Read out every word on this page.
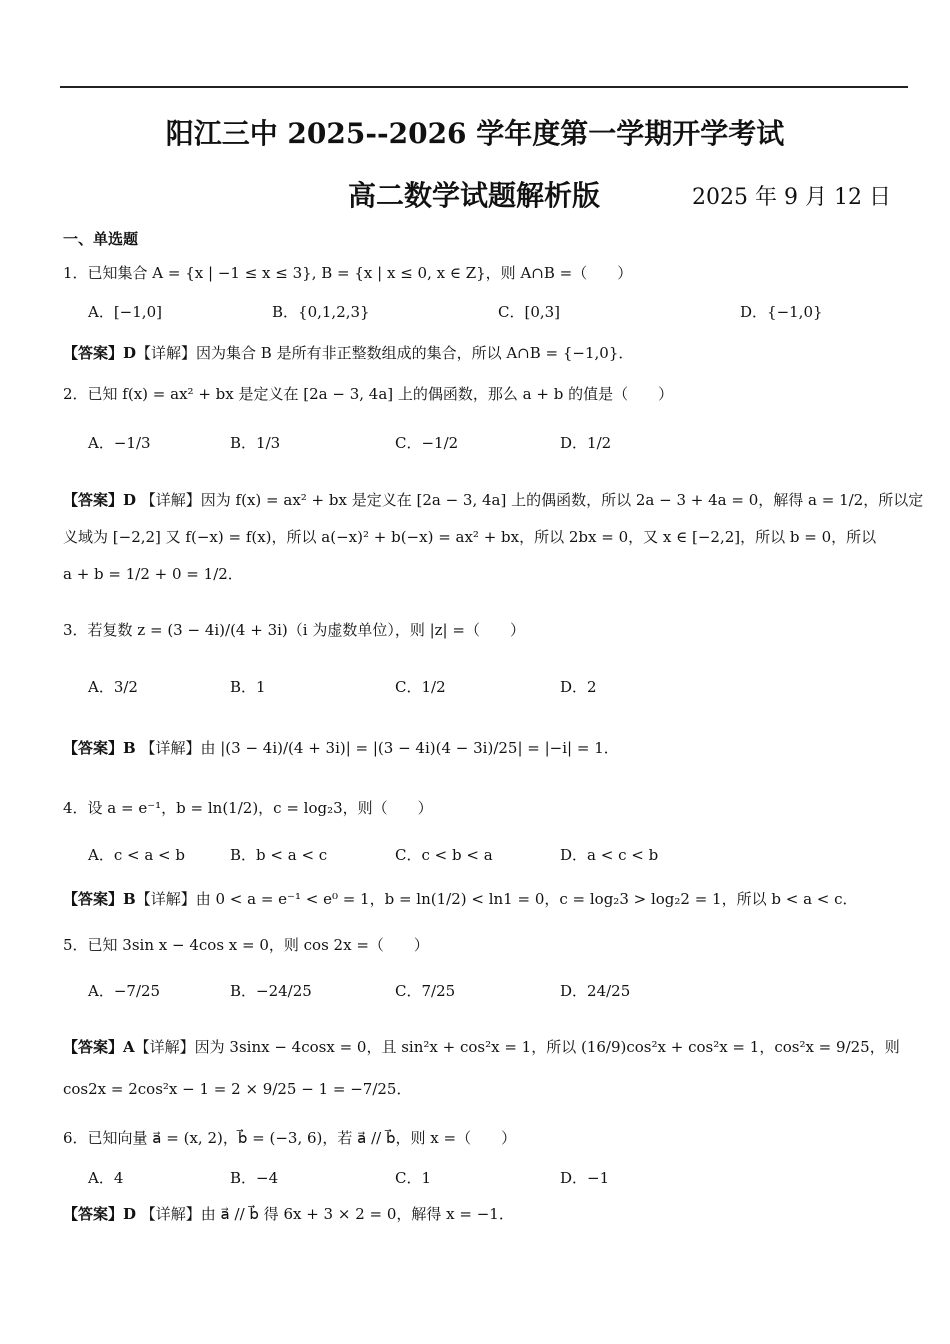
阳江三中 2025--2026 学年度第一学期开学考试
高二数学试题解析版	2025 年 9 月 12 日
一、单选题
1．已知集合 A = {x | −1 ≤ x ≤ 3}, B = {x | x ≤ 0, x ∈ Z}，则 A∩B =（　　）
A．[−1,0]	B．{0,1,2,3}	C．[0,3]	D．{−1,0}
【答案】D【详解】因为集合 B 是所有非正整数组成的集合，所以 A∩B = {−1,0}．
2．已知 f(x) = ax² + bx 是定义在 [2a − 3, 4a] 上的偶函数，那么 a + b 的值是（　　）
A．−1/3	B．1/3	C．−1/2	D．1/2
【答案】D 【详解】因为 f(x) = ax² + bx 是定义在 [2a − 3, 4a] 上的偶函数，所以 2a − 3 + 4a = 0，解得 a = 1/2，所以定
义域为 [−2,2] 又 f(−x) = f(x)，所以 a(−x)² + b(−x) = ax² + bx，所以 2bx = 0，又 x ∈ [−2,2]，所以 b = 0，所以
a + b = 1/2 + 0 = 1/2．
3．若复数 z = (3 − 4i)/(4 + 3i)（i 为虚数单位），则 |z| =（　　）
A．3/2	B．1	C．1/2	D．2
【答案】B 【详解】由 |(3 − 4i)/(4 + 3i)| = |(3 − 4i)(4 − 3i)/25| = |−i| = 1．
4．设 a = e⁻¹，b = ln(1/2)，c = log₂3，则（　　）
A．c < a < b	B．b < a < c	C．c < b < a	D．a < c < b
【答案】B【详解】由 0 < a = e⁻¹ < e⁰ = 1，b = ln(1/2) < ln1 = 0，c = log₂3 > log₂2 = 1，所以 b < a < c．
5．已知 3sin x − 4cos x = 0，则 cos 2x =（　　）
A．−7/25	B．−24/25	C．7/25	D．24/25
【答案】A【详解】因为 3sinx − 4cosx = 0，且 sin²x + cos²x = 1，所以 (16/9)cos²x + cos²x = 1，cos²x = 9/25，则
cos2x = 2cos²x − 1 = 2 × 9/25 − 1 = −7/25．
6．已知向量 a⃗ = (x, 2)，b⃗ = (−3, 6)，若 a⃗ // b⃗，则 x =（　　）
A．4	B．−4	C．1	D．−1
【答案】D 【详解】由 a⃗ // b⃗ 得 6x + 3 × 2 = 0，解得 x = −1．
